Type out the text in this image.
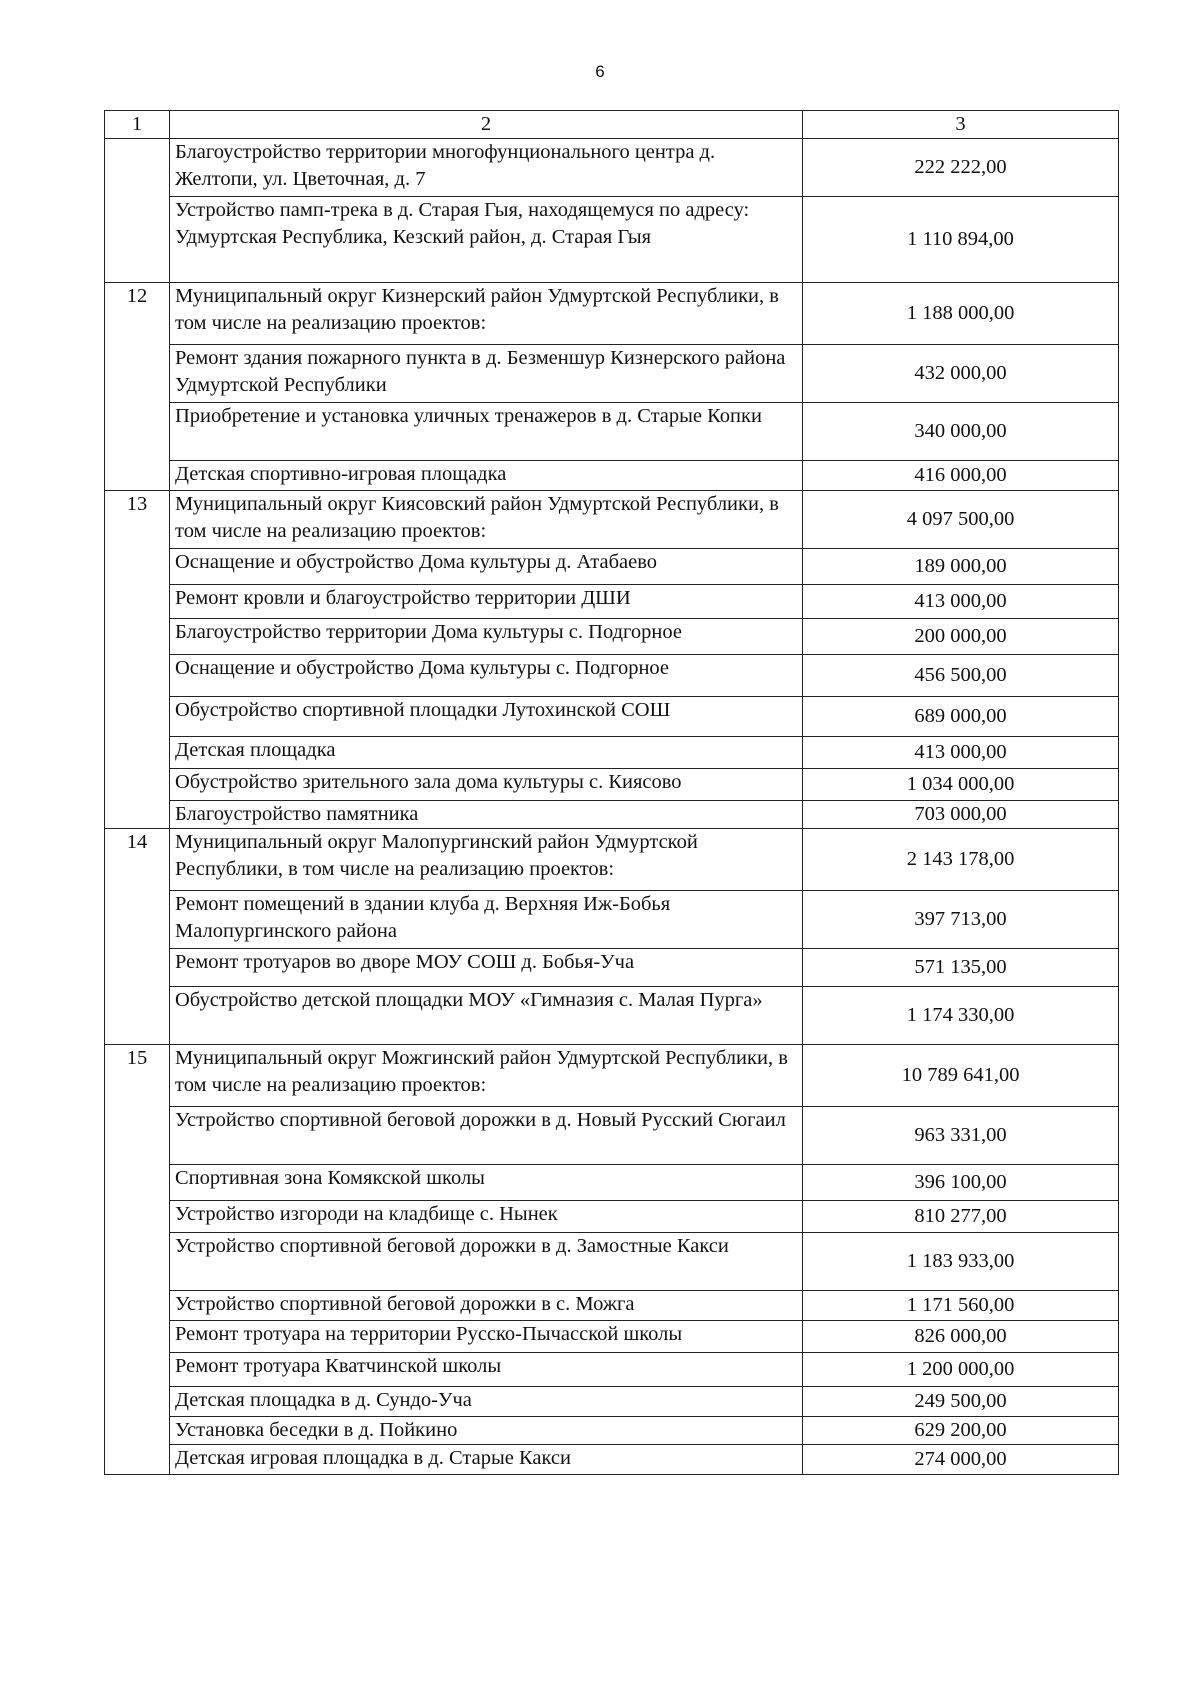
6
1	2	3
	Благоустройство территории многофунционального центра д. Желтопи, ул. Цветочная, д. 7	222 222,00
	Устройство памп-трека в д. Старая Гыя, находящемуся по адресу: Удмуртская Республика, Кезский район, д. Старая Гыя	1 110 894,00
12	Муниципальный округ Кизнерский район Удмуртской Республики, в том числе на реализацию проектов:	1 188 000,00
	Ремонт здания пожарного пункта в д. Безменшур Кизнерского района Удмуртской Республики	432 000,00
	Приобретение и установка уличных тренажеров в д. Старые Копки	340 000,00
	Детская спортивно-игровая площадка	416 000,00
13	Муниципальный округ Киясовский район Удмуртской Республики, в том числе на реализацию проектов:	4 097 500,00
	Оснащение и обустройство Дома культуры д. Атабаево	189 000,00
	Ремонт кровли и благоустройство территории ДШИ	413 000,00
	Благоустройство территории Дома культуры с. Подгорное	200 000,00
	Оснащение и обустройство Дома культуры с. Подгорное	456 500,00
	Обустройство спортивной площадки Лутохинской СОШ	689 000,00
	Детская площадка	413 000,00
	Обустройство зрительного зала дома культуры с. Киясово	1 034 000,00
	Благоустройство памятника	703 000,00
14	Муниципальный округ Малопургинский район Удмуртской Республики, в том числе на реализацию проектов:	2 143 178,00
	Ремонт помещений в здании клуба д. Верхняя Иж-Бобья Малопургинского района	397 713,00
	Ремонт тротуаров во дворе МОУ СОШ д. Бобья-Уча	571 135,00
	Обустройство детской площадки МОУ «Гимназия с. Малая Пурга»	1 174 330,00
15	Муниципальный округ Можгинский район Удмуртской Республики, в том числе на реализацию проектов:	10 789 641,00
	Устройство спортивной беговой дорожки в д. Новый Русский Сюгаил	963 331,00
	Спортивная зона Комякской школы	396 100,00
	Устройство изгороди на кладбище с. Нынек	810 277,00
	Устройство спортивной беговой дорожки в д. Замостные Какси	1 183 933,00
	Устройство спортивной беговой дорожки в с. Можга	1 171 560,00
	Ремонт тротуара на территории Русско-Пычасской школы	826 000,00
	Ремонт тротуара Кватчинской школы	1 200 000,00
	Детская площадка в д. Сундо-Уча	249 500,00
	Установка беседки в д. Пойкино	629 200,00
	Детская игровая площадка в д. Старые Какси	274 000,00
